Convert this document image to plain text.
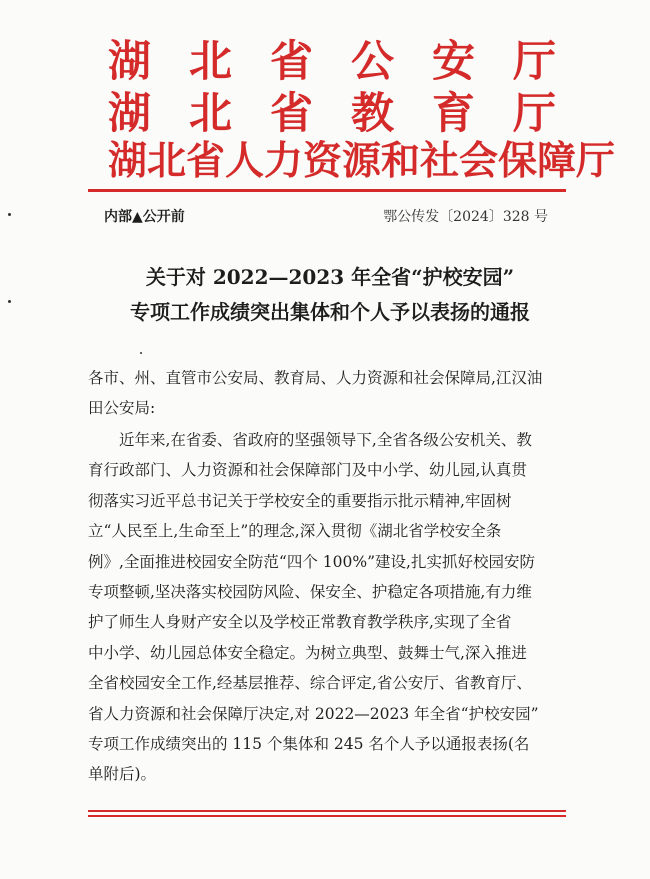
湖 北 省 公 安 厅
湖 北 省 教 育 厅
湖北省人力资源和社会保障厅
内部▲公开前	鄂公传发〔2024〕328 号
关于对 2022—2023 年全省“护校安园”
专项工作成绩突出集体和个人予以表扬的通报
各市、州、直管市公安局、教育局、人力资源和社会保障局,江汉油
田公安局:
近年来,在省委、省政府的坚强领导下,全省各级公安机关、教
育行政部门、人力资源和社会保障部门及中小学、幼儿园,认真贯
彻落实习近平总书记关于学校安全的重要指示批示精神,牢固树
立“人民至上,生命至上”的理念,深入贯彻《湖北省学校安全条
例》,全面推进校园安全防范“四个 100%”建设,扎实抓好校园安防
专项整顿,坚决落实校园防风险、保安全、护稳定各项措施,有力维
护了师生人身财产安全以及学校正常教育教学秩序,实现了全省
中小学、幼儿园总体安全稳定。为树立典型、鼓舞士气,深入推进
全省校园安全工作,经基层推荐、综合评定,省公安厅、省教育厅、
省人力资源和社会保障厅决定,对 2022—2023 年全省“护校安园”
专项工作成绩突出的 115 个集体和 245 名个人予以通报表扬(名
单附后)。
